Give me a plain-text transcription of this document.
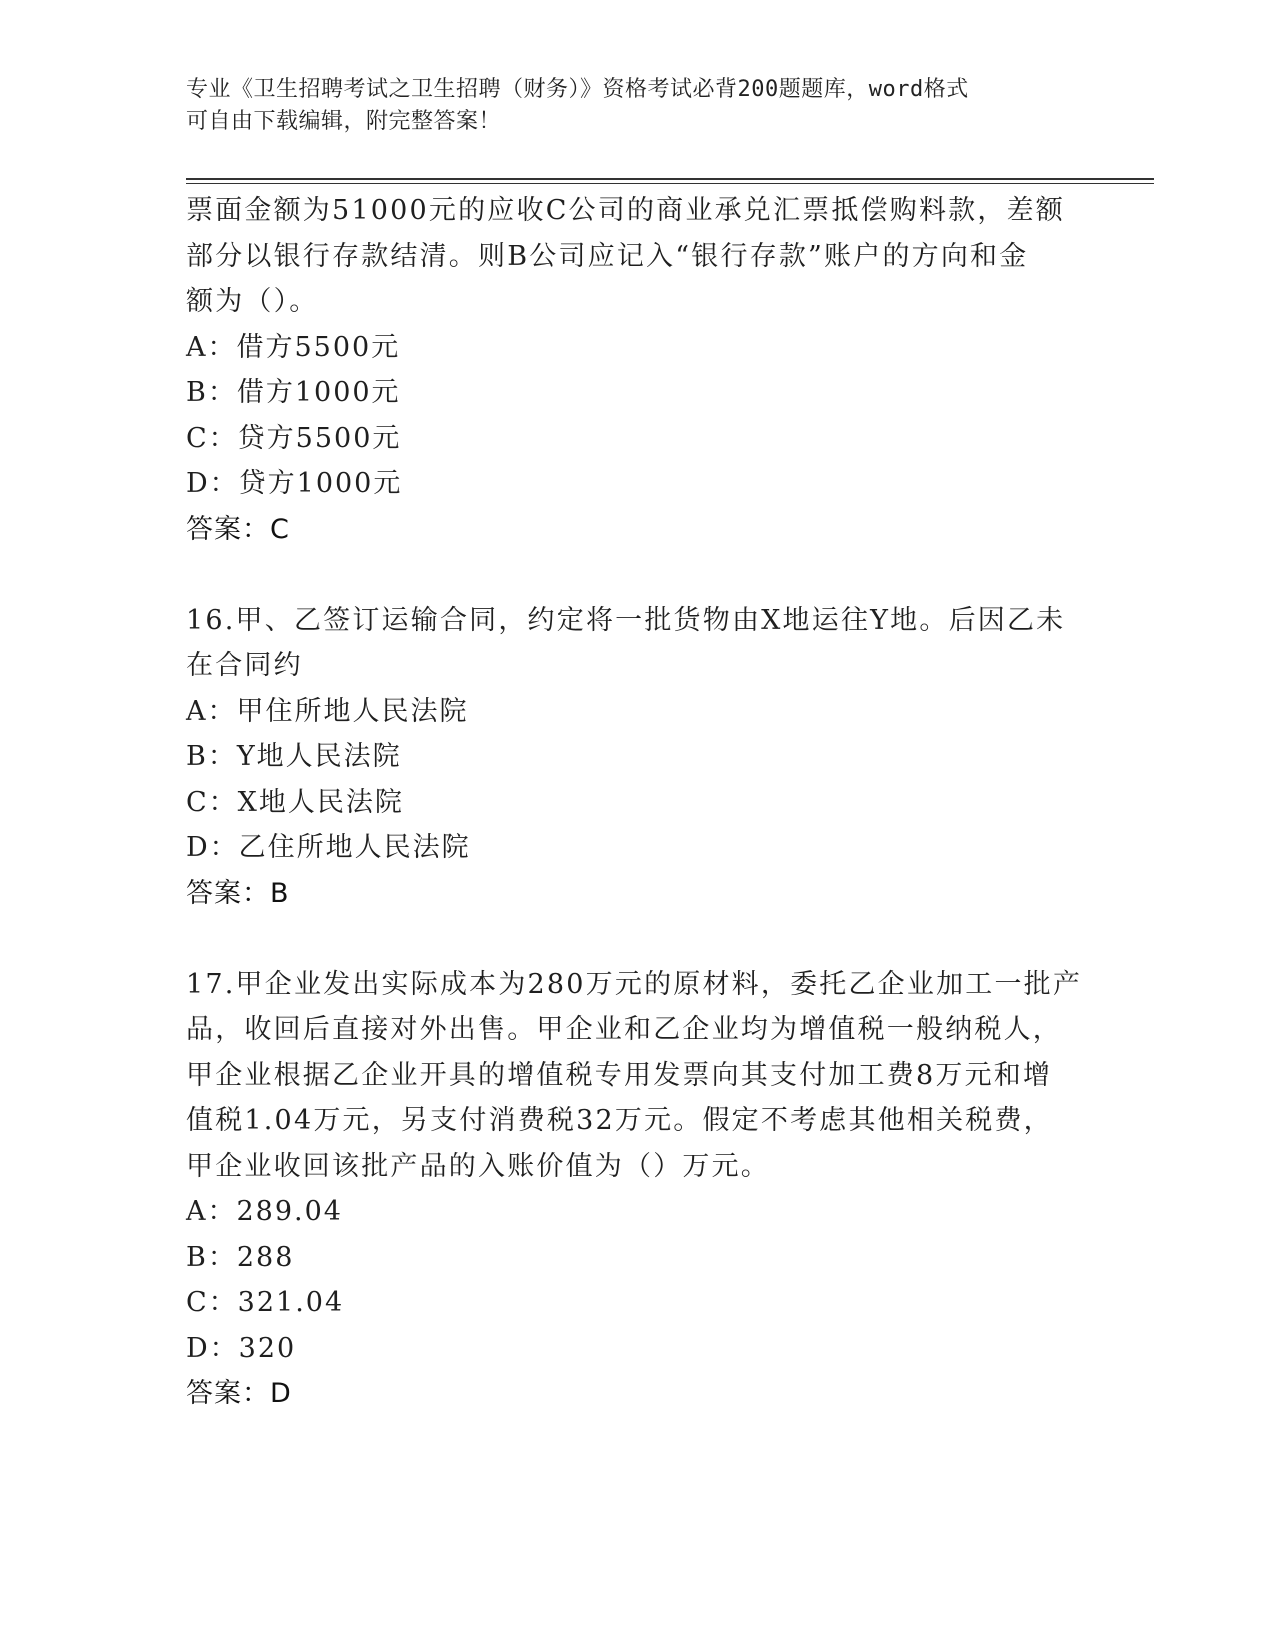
专业《卫生招聘考试之卫生招聘（财务）》资格考试必背200题题库，word格式
可自由下载编辑，附完整答案！
票面金额为51000元的应收C公司的商业承兑汇票抵偿购料款，差额
部分以银行存款结清。则B公司应记入“银行存款”账户的方向和金
额为（）。
A：借方5500元
B：借方1000元
C：贷方5500元
D：贷方1000元
答案：C
16.甲、乙签订运输合同，约定将一批货物由X地运往Y地。后因乙未
在合同约
A：甲住所地人民法院
B：Y地人民法院
C：X地人民法院
D：乙住所地人民法院
答案：B
17.甲企业发出实际成本为280万元的原材料，委托乙企业加工一批产
品，收回后直接对外出售。甲企业和乙企业均为增值税一般纳税人，
甲企业根据乙企业开具的增值税专用发票向其支付加工费8万元和增
值税1.04万元，另支付消费税32万元。假定不考虑其他相关税费，
甲企业收回该批产品的入账价值为（）万元。
A：289.04
B：288
C：321.04
D：320
答案：D
